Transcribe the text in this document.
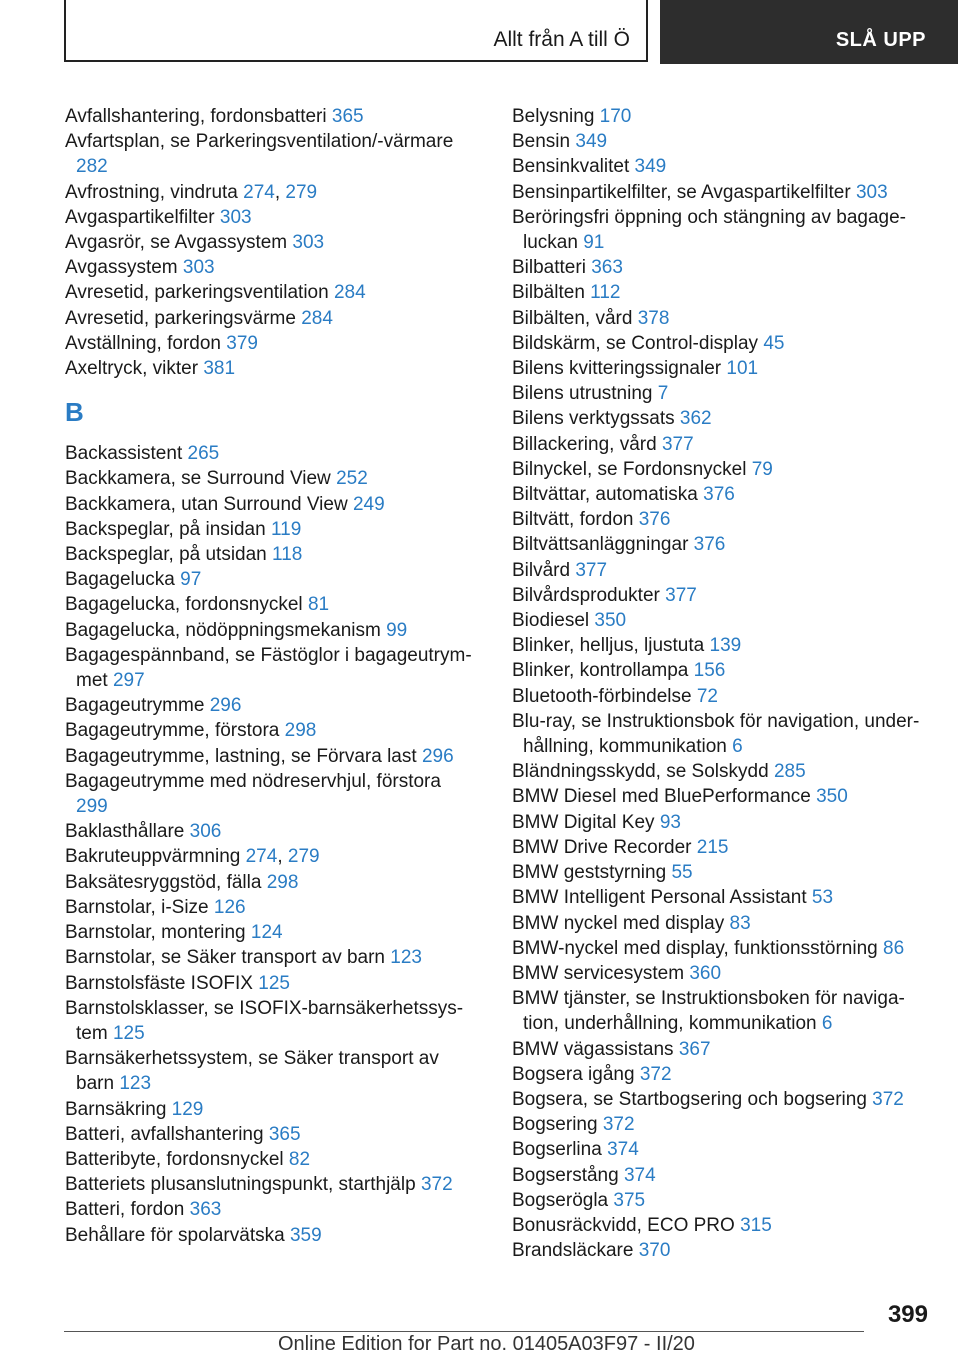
Allt från A till Ö	SLÅ UPP
Avfallshantering, fordonsbatteri 365
Avfartsplan, se Parkeringsventilation/-värmare 282
Avfrostning, vindruta 274, 279
Avgaspartikelfilter 303
Avgasrör, se Avgassystem 303
Avgassystem 303
Avresetid, parkeringsventilation 284
Avresetid, parkeringsvärme 284
Avställning, fordon 379
Axeltryck, vikter 381
B
Backassistent 265
Backkamera, se Surround View 252
Backkamera, utan Surround View 249
Backspeglar, på insidan 119
Backspeglar, på utsidan 118
Bagagelucka 97
Bagagelucka, fordonsnyckel 81
Bagagelucka, nödöppningsmekanism 99
Bagagespännband, se Fästöglor i bagageutrymmet 297
Bagageutrymme 296
Bagageutrymme, förstora 298
Bagageutrymme, lastning, se Förvara last 296
Bagageutrymme med nödreservhjul, förstora 299
Baklasthållare 306
Bakruteuppvärmning 274, 279
Baksätesryggstöd, fälla 298
Barnstolar, i-Size 126
Barnstolar, montering 124
Barnstolar, se Säker transport av barn 123
Barnstolsfäste ISOFIX 125
Barnstolsklasser, se ISOFIX-barnsäkerhetssystem 125
Barnsäkerhetssystem, se Säker transport av barn 123
Barnsäkring 129
Batteri, avfallshantering 365
Batteribyte, fordonsnyckel 82
Batteriets plusanslutningspunkt, starthjälp 372
Batteri, fordon 363
Behållare för spolarvätska 359
Belysning 170
Bensin 349
Bensinkvalitet 349
Bensinpartikelfilter, se Avgaspartikelfilter 303
Beröringsfri öppning och stängning av bagageluckan 91
Bilbatteri 363
Bilbälten 112
Bilbälten, vård 378
Bildskärm, se Control-display 45
Bilens kvitteringssignaler 101
Bilens utrustning 7
Bilens verktygssats 362
Billackering, vård 377
Bilnyckel, se Fordonsnyckel 79
Biltvättar, automatiska 376
Biltvätt, fordon 376
Biltvättsanläggningar 376
Bilvård 377
Bilvårdsprodukter 377
Biodiesel 350
Blinker, helljus, ljustuta 139
Blinker, kontrollampa 156
Bluetooth-förbindelse 72
Blu-ray, se Instruktionsbok för navigation, underhållning, kommunikation 6
Bländningsskydd, se Solskydd 285
BMW Diesel med BluePerformance 350
BMW Digital Key 93
BMW Drive Recorder 215
BMW geststyrning 55
BMW Intelligent Personal Assistant 53
BMW nyckel med display 83
BMW-nyckel med display, funktionsstörning 86
BMW servicesystem 360
BMW tjänster, se Instruktionsboken för navigation, underhållning, kommunikation 6
BMW vägassistans 367
Bogsera igång 372
Bogsera, se Startbogsering och bogsering 372
Bogsering 372
Bogserlina 374
Bogserstång 374
Bogserögla 375
Bonusräckvidd, ECO PRO 315
Brandsläckare 370
399
Online Edition for Part no. 01405A03F97 - II/20
